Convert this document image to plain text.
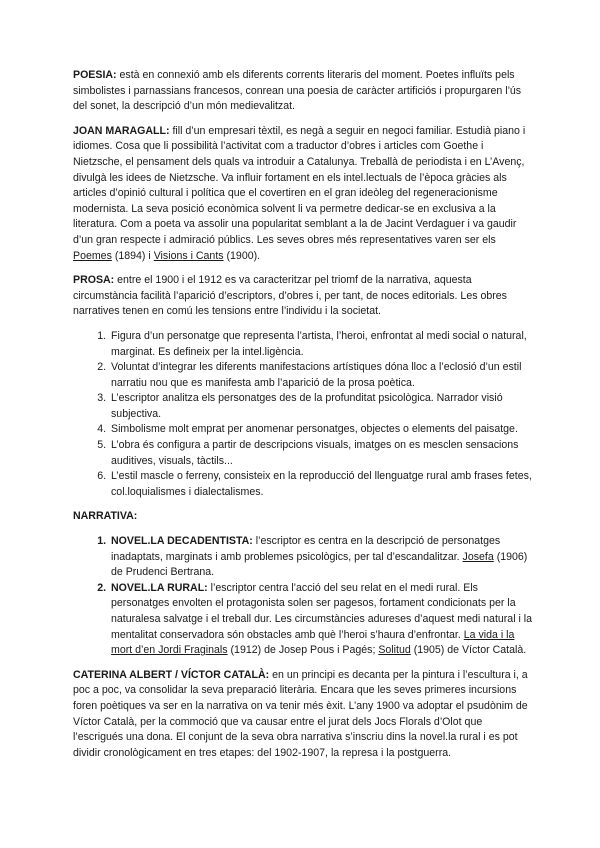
POESIA: està en connexió amb els diferents corrents literaris del moment. Poetes influïts pels simbolistes i parnassians francesos, conrean una poesia de caràcter artificiós i propurgaren l’ús del sonet, la descripció d’un món medievalitzat.

JOAN MARAGALL: fill d’un empresari tèxtil, es negà a seguir en negoci familiar. Estudià piano i idiomes. Cosa que li possibilità l’activitat com a traductor d’obres i articles com Goethe i Nietzsche, el pensament dels quals va introduir a Catalunya. Treballà de periodista i en L’Avenç, divulgà les idees de Nietzsche. Va influir fortament en els intel.lectuals de l’època gràcies als articles d’opinió cultural i política que el covertiren en el gran ideòleg del regeneracionisme modernista. La seva posició econòmica solvent li va permetre dedicar-se en exclusiva a la literatura. Com a poeta va assolir una popularitat semblant a la de Jacint Verdaguer i va gaudir d’un gran respecte i admiració públics. Les seves obres més representatives varen ser els Poemes (1894) i Visions i Cants (1900).

PROSA: entre el 1900 i el 1912 es va caracteritzar pel triomf de la narrativa, aquesta circumstància facilità l’aparició d’escriptors, d’obres i, per tant, de noces editorials. Les obres narratives tenen en comú les tensions entre l’individu i la societat.

1. Figura d’un personatge que representa l’artista, l’heroi, enfrontat al medi social o natural, marginat. Es defineix per la intel.ligència.
2. Voluntat d’integrar les diferents manifestacions artístiques dóna lloc a l’eclosió d’un estil narratiu nou que es manifesta amb l’aparició de la prosa poètica.
3. L’escriptor analitza els personatges des de la profunditat psicològica. Narrador visió subjectiva.
4. Simbolisme molt emprat per anomenar personatges, objectes o elements del paisatge.
5. L’obra és configura a partir de descripcions visuals, imatges on es mesclen sensacions auditives, visuals, tàctils...
6. L’estil mascle o ferreny, consisteix en la reproducció del llenguatge rural amb frases fetes, col.loquialismes i dialectalismes.

NARRATIVA:

1. NOVEL.LA DECADENTISTA: l’escriptor es centra en la descripció de personatges inadaptats, marginats i amb problemes psicològics, per tal d’escandalitzar. Josefa (1906) de Prudenci Bertrana.
2. NOVEL.LA RURAL: l’escriptor centra l’acció del seu relat en el medi rural. Els personatges envolten el protagonista solen ser pagesos, fortament condicionats per la naturalesa salvatge i el treball dur. Les circumstàncies adureses d’aquest medi natural i la mentalitat conservadora són obstacles amb què l’heroi s’haura d’enfrontar. La vida i la mort d’en Jordi Fraginals (1912) de Josep Pous i Pagés; Solitud (1905) de Víctor Català.

CATERINA ALBERT / VÍCTOR CATALÀ: en un principi es decanta per la pintura i l’escultura i, a poc a poc, va consolidar la seva preparació literària. Encara que les seves primeres incursions foren poètiques va ser en la narrativa on va tenir més èxit. L’any 1900 va adoptar el psudònim de Víctor Català, per la commoció que va causar entre el jurat dels Jocs Florals d’Olot que l’escrigués una dona. El conjunt de la seva obra narrativa s’inscriu dins la novel.la rural i es pot dividir cronològicament en tres etapes: del 1902-1907, la represa i la postguerra.
